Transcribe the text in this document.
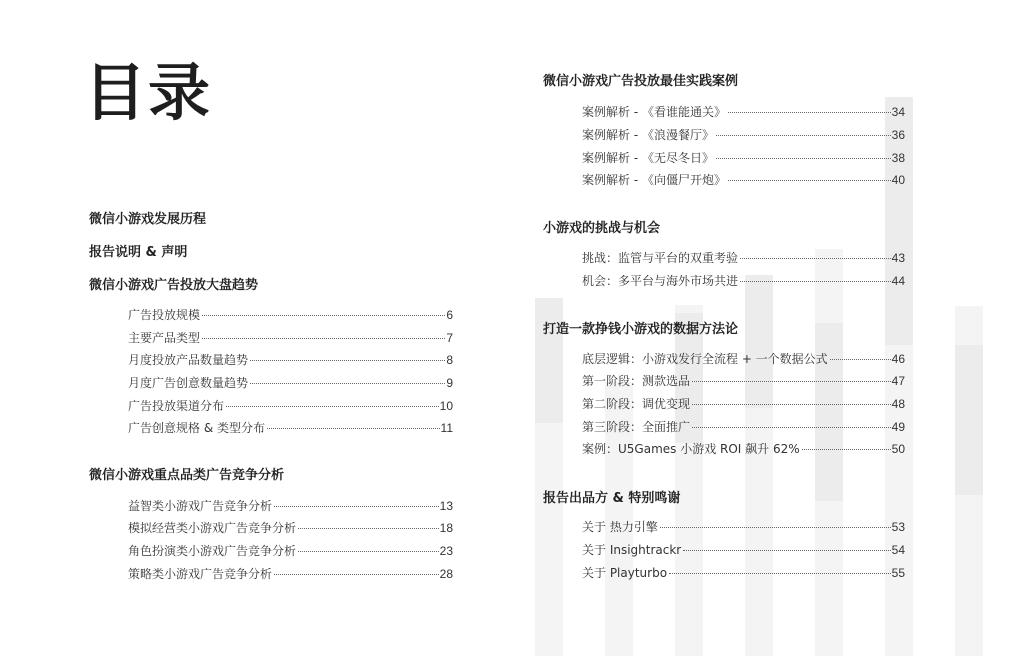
目录
微信小游戏发展历程
报告说明 & 声明
微信小游戏广告投放大盘趋势
广告投放规模	6
主要产品类型	7
月度投放产品数量趋势	8
月度广告创意数量趋势	9
广告投放渠道分布	10
广告创意规格 & 类型分布	11
微信小游戏重点品类广告竞争分析
益智类小游戏广告竞争分析	13
模拟经营类小游戏广告竞争分析	18
角色扮演类小游戏广告竞争分析	23
策略类小游戏广告竞争分析	28
微信小游戏广告投放最佳实践案例
案例解析 - 《看谁能通关》	34
案例解析 - 《浪漫餐厅》	36
案例解析 - 《无尽冬日》	38
案例解析 - 《向僵尸开炮》	40
小游戏的挑战与机会
挑战：监管与平台的双重考验	43
机会：多平台与海外市场共进	44
打造一款挣钱小游戏的数据方法论
底层逻辑：小游戏发行全流程 + 一个数据公式	46
第一阶段：测款选品	47
第二阶段：调优变现	48
第三阶段：全面推广	49
案例：U5Games 小游戏 ROI 飙升 62%	50
报告出品方 & 特别鸣谢
关于 热力引擎	53
关于 Insightrackr	54
关于 Playturbo	55
